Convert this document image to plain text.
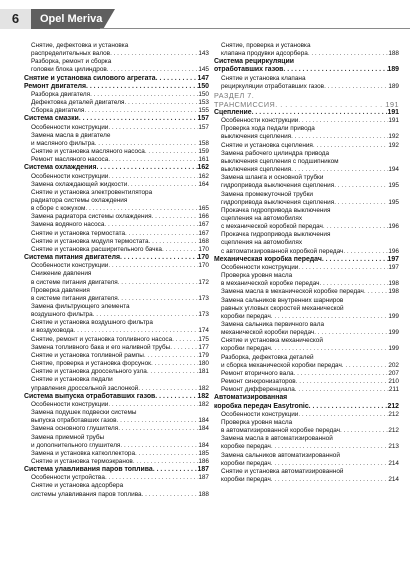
6	Opel Meriva
Снятие, дефектовка и установка
распределительных валов . . .	143
Разборка, ремонт и сборка
головки блока цилиндров . . .	145
Снятие и установка силового агрегата . . .	147
Ремонт двигателя . . .	150
Разборка двигателя . . .	150
Дефектовка деталей двигателя . . .	153
Сборка двигателя . . .	155
Система смазки . . .	157
Особенности конструкции . . .	157
Замена масла в двигателе
и масляного фильтра . . .	158
Снятие и установка масляного насоса . . .	159
Ремонт масляного насоса . . .	161
Система охлаждения . . .	162
Особенности конструкции . . .	162
Замена охлаждающей жидкости . . .	164
Снятие и установка электровентилятора
радиатора системы охлаждения
в сборе с кожухом . . .	165
Замена радиатора системы охлаждения . . .	166
Замена водяного насоса . . .	167
Снятие и установка термостата . . .	167
Снятие и установка модуля термостата . . .	168
Снятие и установка расширительного бачка . . .	170
Система питания двигателя . . .	170
Особенности конструкции . . .	170
Снижение давления
в системе питания двигателя . . .	172
Проверка давления
в системе питания двигателя . . .	173
Замена фильтрующего элемента
воздушного фильтра . . .	173
Снятие и установка воздушного фильтра
и воздуховода . . .	174
Снятие, ремонт и установка топливного насоса . . .	175
Замена топливного бака и его наливной трубы . . .	177
Снятие и установка топливной рампы . . .	179
Снятие, проверка и установка форсунок . . .	180
Снятие и установка дроссельного узла . . .	181
Снятие и установка педали
управления дроссельной заслонкой . . .	182
Система выпуска отработавших газов . . .	182
Особенности конструкции . . .	182
Замена подушек подвески системы
выпуска отработавших газов . . .	184
Замена основного глушителя . . .	184
Замена приемной трубы
и дополнительного глушителя . . .	184
Замена и установка катколлектора . . .	185
Снятие и установка термоэкранов . . .	186
Система улавливания паров топлива . . .	187
Особенности устройства . . .	187
Снятие и установка адсорбера
системы улавливания паров топлива . . .	188
Снятие, проверка и установка
клапана продувки адсорбера . . .	188
Система рециркуляции
отработавших газов . . .	189
Снятие и установка клапана
рециркуляции отработавших газов . . .	189
РАЗДЕЛ 7.
ТРАНСМИССИЯ . . .	191
Сцепление . . .	191
Особенности конструкции . . .	191
Проверка хода педали привода
выключения сцепления . . .	192
Снятие и установка сцепления . . .	192
Замена рабочего цилиндра привода
выключения сцепления с подшипником
выключения сцепления . . .	194
Замена шланга и основной трубки
гидропривода выключения сцепления . . .	195
Замена промежуточной трубки
гидропривода выключения сцепления . . .	195
Прокачка гидропривода выключения
сцепления на автомобилях
с механической коробкой передач . . .	196
Прокачка гидропривода выключения
сцепления на автомобилях
с автоматизированной коробкой передач . . .	196
Механическая коробка передач . . .	197
Особенности конструкции . . .	197
Проверка уровня масла
в механической коробке передач . . .	198
Замена масла в механической коробке передач . . .	198
Замена сальников внутренних шарниров
равных угловых скоростей механической
коробки передач . . .	199
Замена сальника первичного вала
механической коробки передач . . .	199
Снятие и установка механической
коробки передач . . .	199
Разборка, дефектовка деталей
и сборка механической коробки передач . . .	202
Ремонт вторичного вала . . .	207
Ремонт синхронизаторов . . .	210
Ремонт дифференциала . . .	211
Автоматизированная
коробка передач Easytronic . . .	212
Особенности конструкции . . .	212
Проверка уровня масла
в автоматизированной коробке передач . . .	212
Замена масла в автоматизированной
коробке передач . . .	213
Замена сальников автоматизированной
коробки передач . . .	214
Снятие и установка автоматизированной
коробки передач . . .	214
